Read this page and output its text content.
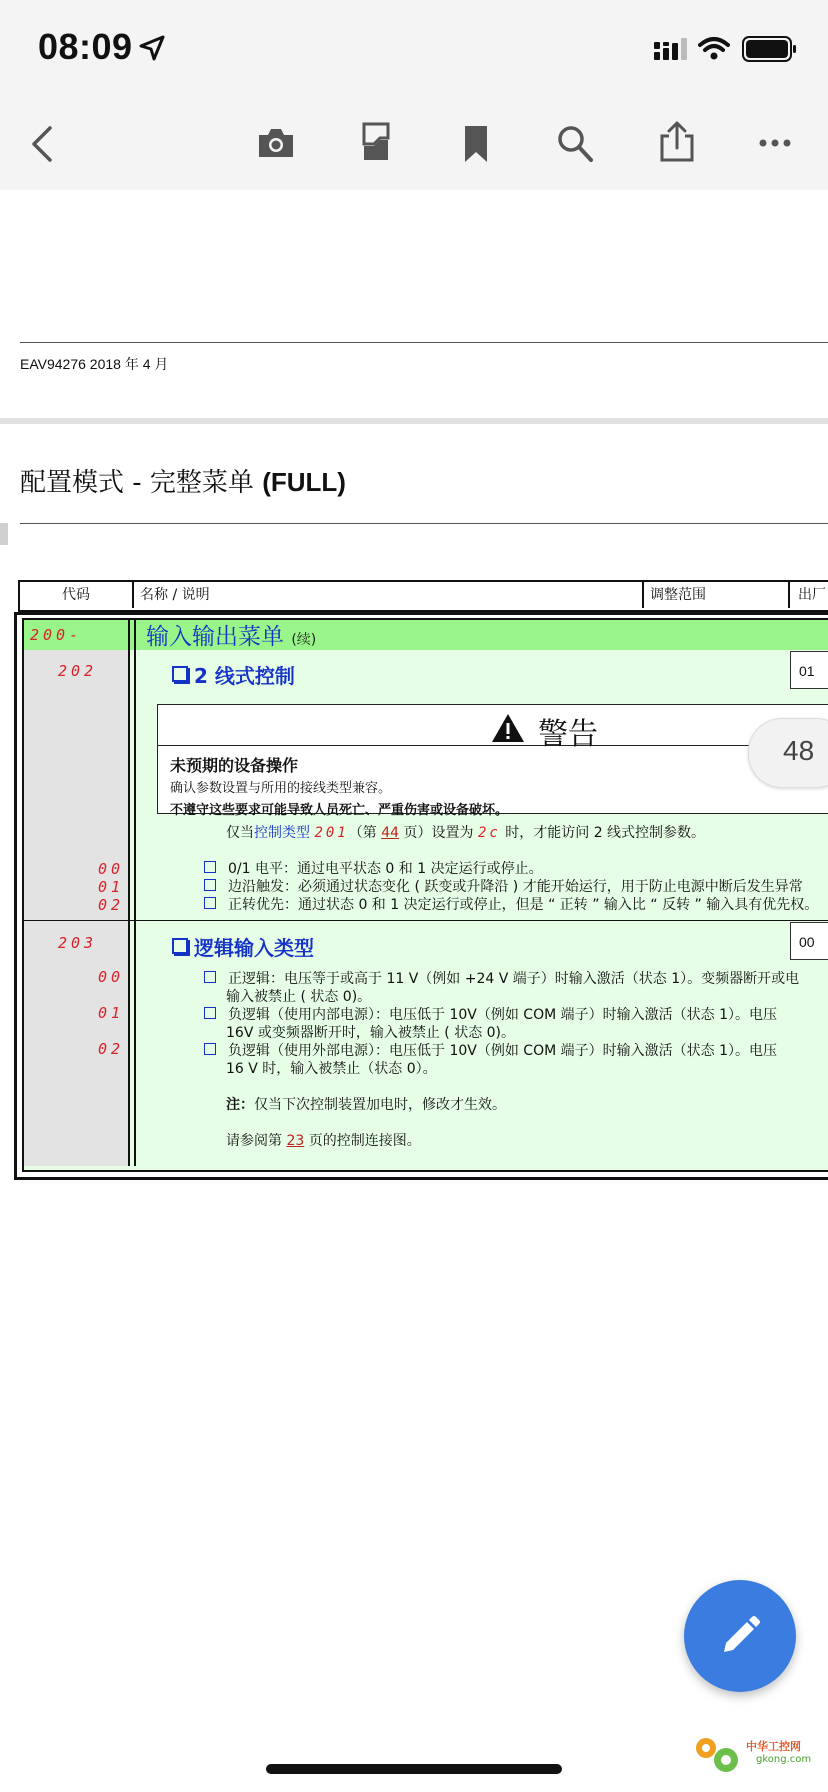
08:09
EAV94276 2018 年 4 月
配置模式 - 完整菜单 (FULL)
代码	名称 / 说明	调整范围	出厂
200-	输入输出菜单 (续)
202	2 线式控制	01
警告
未预期的设备操作
确认参数设置与所用的接线类型兼容。
不遵守这些要求可能导致人员死亡、严重伤害或设备破坏。
48
仅当控制类型 201（第 44 页）设置为 2c 时，才能访问 2 线式控制参数。
00	0/1 电平：通过电平状态 0 和 1 决定运行或停止。
01	边沿触发：必须通过状态变化 ( 跃变或升降沿 ) 才能开始运行，用于防止电源中断后发生异常
02	正转优先：通过状态 0 和 1 决定运行或停止，但是 “ 正转 ” 输入比 “ 反转 ” 输入具有优先权。
203	逻辑输入类型	00
00	正逻辑：电压等于或高于 11 V（例如 +24 V 端子）时输入激活（状态 1）。变频器断开或电
输入被禁止 ( 状态 0)。
01	负逻辑（使用内部电源）：电压低于 10V（例如 COM 端子）时输入激活（状态 1）。电压
16V 或变频器断开时，输入被禁止 ( 状态 0)。
02	负逻辑（使用外部电源）：电压低于 10V（例如 COM 端子）时输入激活（状态 1）。电压
16 V 时，输入被禁止（状态 0）。
注：仅当下次控制装置加电时，修改才生效。
请参阅第 23 页的控制连接图。
中华工控网
gkong.com
